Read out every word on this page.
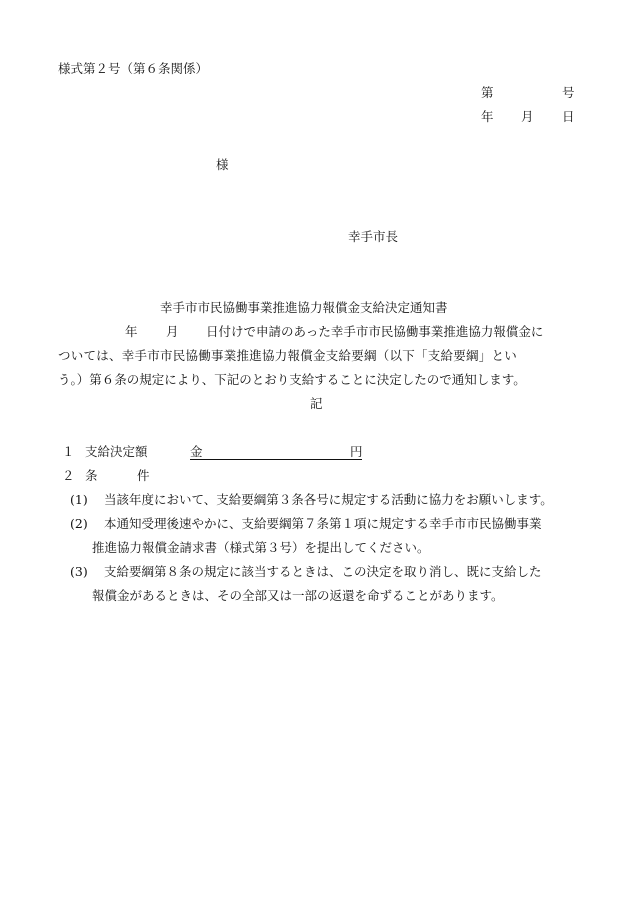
様式第２号（第６条関係）
第	号
年 月 日
様
幸手市長
幸手市市民協働事業推進協力報償金支給決定通知書
年 月 日付けで申請のあった幸手市市民協働事業推進協力報償金に
ついては、幸手市市民協働事業推進協力報償金支給要綱（以下「支給要綱」とい
う。）第６条の規定により、下記のとおり支給することに決定したので通知します。
記
１ 支給決定額	金	円
２ 条	件
(1) 当該年度において、支給要綱第３条各号に規定する活動に協力をお願いします。
(2) 本通知受理後速やかに、支給要綱第７条第１項に規定する幸手市市民協働事業
推進協力報償金請求書（様式第３号）を提出してください。
(3) 支給要綱第８条の規定に該当するときは、この決定を取り消し、既に支給した
報償金があるときは、その全部又は一部の返還を命ずることがあります。
